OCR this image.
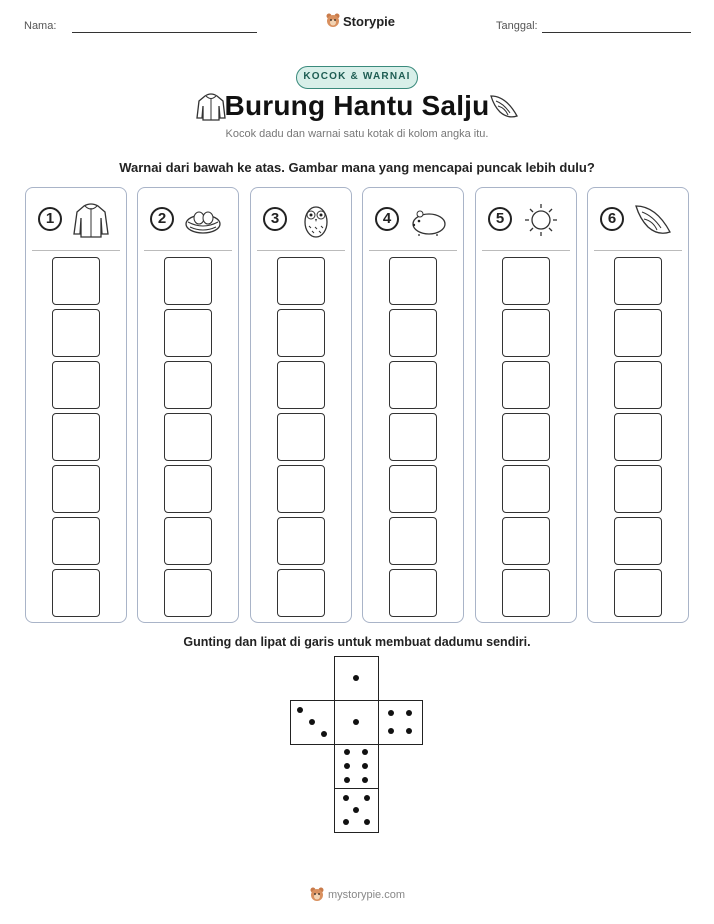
Nama:	Storypie	Tanggal:
KOCOK & WARNAI
Burung Hantu Salju
Kocok dadu dan warnai satu kotak di kolom angka itu.
Warnai dari bawah ke atas. Gambar mana yang mencapai puncak lebih dulu?
1	2	3	4	5	6
Gunting dan lipat di garis untuk membuat dadumu sendiri.
mystorypie.com
